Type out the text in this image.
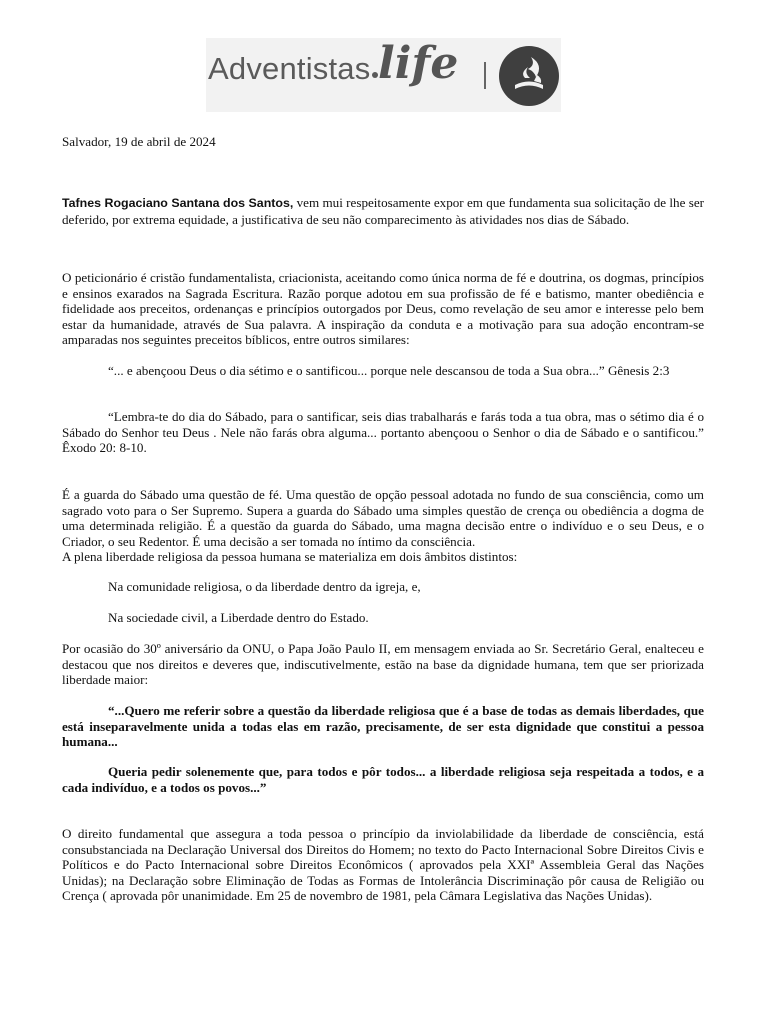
Adventistas life

Salvador, 19 de abril de 2024

Tafnes Rogaciano Santana dos Santos, vem mui respeitosamente expor em que fundamenta sua solicitação de lhe ser deferido, por extrema equidade, a justificativa de seu não comparecimento às atividades nos dias de Sábado.

O peticionário é cristão fundamentalista, criacionista, aceitando como única norma de fé e doutrina, os dogmas, princípios e ensinos exarados na Sagrada Escritura. Razão porque adotou em sua profissão de fé e batismo, manter obediência e fidelidade aos preceitos, ordenanças e princípios outorgados por Deus, como revelação de seu amor e interesse pelo bem estar da humanidade, através de Sua palavra. A inspiração da conduta e a motivação para sua adoção encontram-se amparadas nos seguintes preceitos bíblicos, entre outros similares:

“... e abençoou Deus o dia sétimo e o santificou... porque nele descansou de toda a Sua obra...” Gênesis 2:3

“Lembra-te do dia do Sábado, para o santificar, seis dias trabalharás e farás toda a tua obra, mas o sétimo dia é o Sábado do Senhor teu Deus . Nele não farás obra alguma... portanto abençoou o Senhor o dia de Sábado e o santificou.” Êxodo 20: 8-10.

É a guarda do Sábado uma questão de fé. Uma questão de opção pessoal adotada no fundo de sua consciência, como um sagrado voto para o Ser Supremo. Supera a guarda do Sábado uma simples questão de crença ou obediência a dogma de uma determinada religião. É a questão da guarda do Sábado, uma magna decisão entre o indivíduo e o seu Deus, e o Criador, o seu Redentor. É uma decisão a ser tomada no íntimo da consciência.

A plena liberdade religiosa da pessoa humana se materializa em dois âmbitos distintos:

Na comunidade religiosa, o da liberdade dentro da igreja, e,

Na sociedade civil, a Liberdade dentro do Estado.

Por ocasião do 30º aniversário da ONU, o Papa João Paulo II, em mensagem enviada ao Sr. Secretário Geral, enalteceu e destacou que nos direitos e deveres que, indiscutivelmente, estão na base da dignidade humana, tem que ser priorizada liberdade maior:

“...Quero me referir sobre a questão da liberdade religiosa que é a base de todas as demais liberdades, que está inseparavelmente unida a todas elas em razão, precisamente, de ser esta dignidade que constitui a pessoa humana...

Queria pedir solenemente que, para todos e pôr todos... a liberdade religiosa seja respeitada a todos, e a cada indivíduo, e a todos os povos...”

O direito fundamental que assegura a toda pessoa o princípio da inviolabilidade da liberdade de consciência, está consubstanciada na Declaração Universal dos Direitos do Homem; no texto do Pacto Internacional Sobre Direitos Civis e Políticos e do Pacto Internacional sobre Direitos Econômicos ( aprovados pela XXIª Assembleia Geral das Nações Unidas); na Declaração sobre Eliminação de Todas as Formas de Intolerância Discriminação pôr causa de Religião ou Crença ( aprovada pôr unanimidade. Em 25 de novembro de 1981, pela Câmara Legislativa das Nações Unidas).
